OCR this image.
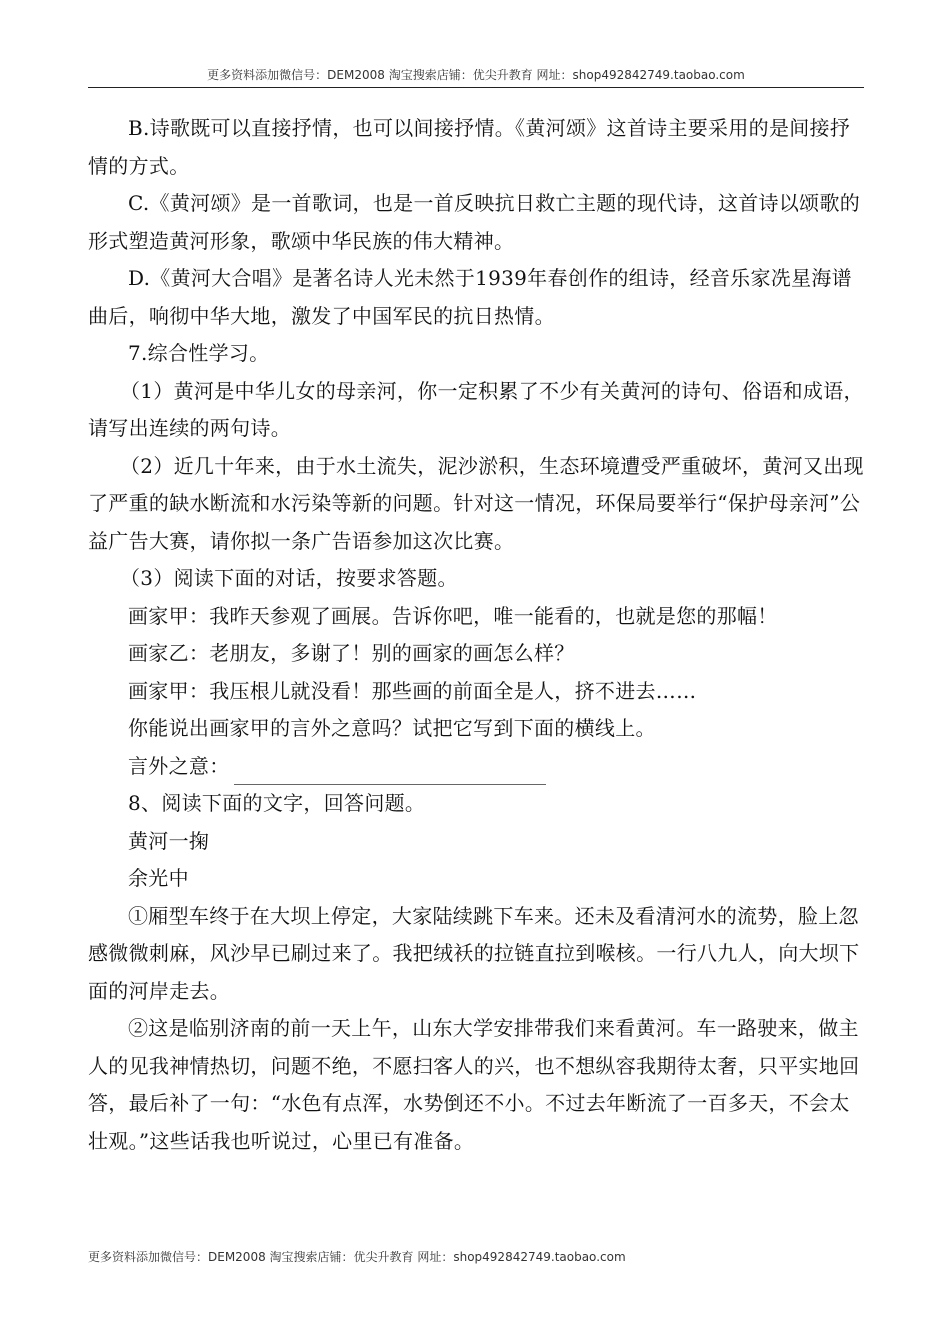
更多资料添加微信号：DEM2008 淘宝搜索店铺：优尖升教育 网址：shop492842749.taobao.com

B.诗歌既可以直接抒情，也可以间接抒情。《黄河颂》这首诗主要采用的是间接抒情的方式。

C.《黄河颂》是一首歌词，也是一首反映抗日救亡主题的现代诗，这首诗以颂歌的形式塑造黄河形象，歌颂中华民族的伟大精神。

D.《黄河大合唱》是著名诗人光未然于1939年春创作的组诗，经音乐家冼星海谱曲后，响彻中华大地，激发了中国军民的抗日热情。

7.综合性学习。

（1）黄河是中华儿女的母亲河，你一定积累了不少有关黄河的诗句、俗语和成语，请写出连续的两句诗。

（2）近几十年来，由于水土流失，泥沙淤积，生态环境遭受严重破坏，黄河又出现了严重的缺水断流和水污染等新的问题。针对这一情况，环保局要举行“保护母亲河”公益广告大赛，请你拟一条广告语参加这次比赛。

（3）阅读下面的对话，按要求答题。

画家甲：我昨天参观了画展。告诉你吧，唯一能看的，也就是您的那幅！

画家乙：老朋友，多谢了！别的画家的画怎么样？

画家甲：我压根儿就没看！那些画的前面全是人，挤不进去……

你能说出画家甲的言外之意吗？试把它写到下面的横线上。

言外之意：

8、阅读下面的文字，回答问题。

黄河一掬

余光中

①厢型车终于在大坝上停定，大家陆续跳下车来。还未及看清河水的流势，脸上忽感微微刺麻，风沙早已刷过来了。我把绒袄的拉链直拉到喉核。一行八九人，向大坝下面的河岸走去。

②这是临别济南的前一天上午，山东大学安排带我们来看黄河。车一路驶来，做主人的见我神情热切，问题不绝，不愿扫客人的兴，也不想纵容我期待太奢，只平实地回答，最后补了一句：“水色有点浑，水势倒还不小。不过去年断流了一百多天，不会太壮观。”这些话我也听说过，心里已有准备。

更多资料添加微信号：DEM2008 淘宝搜索店铺：优尖升教育 网址：shop492842749.taobao.com
